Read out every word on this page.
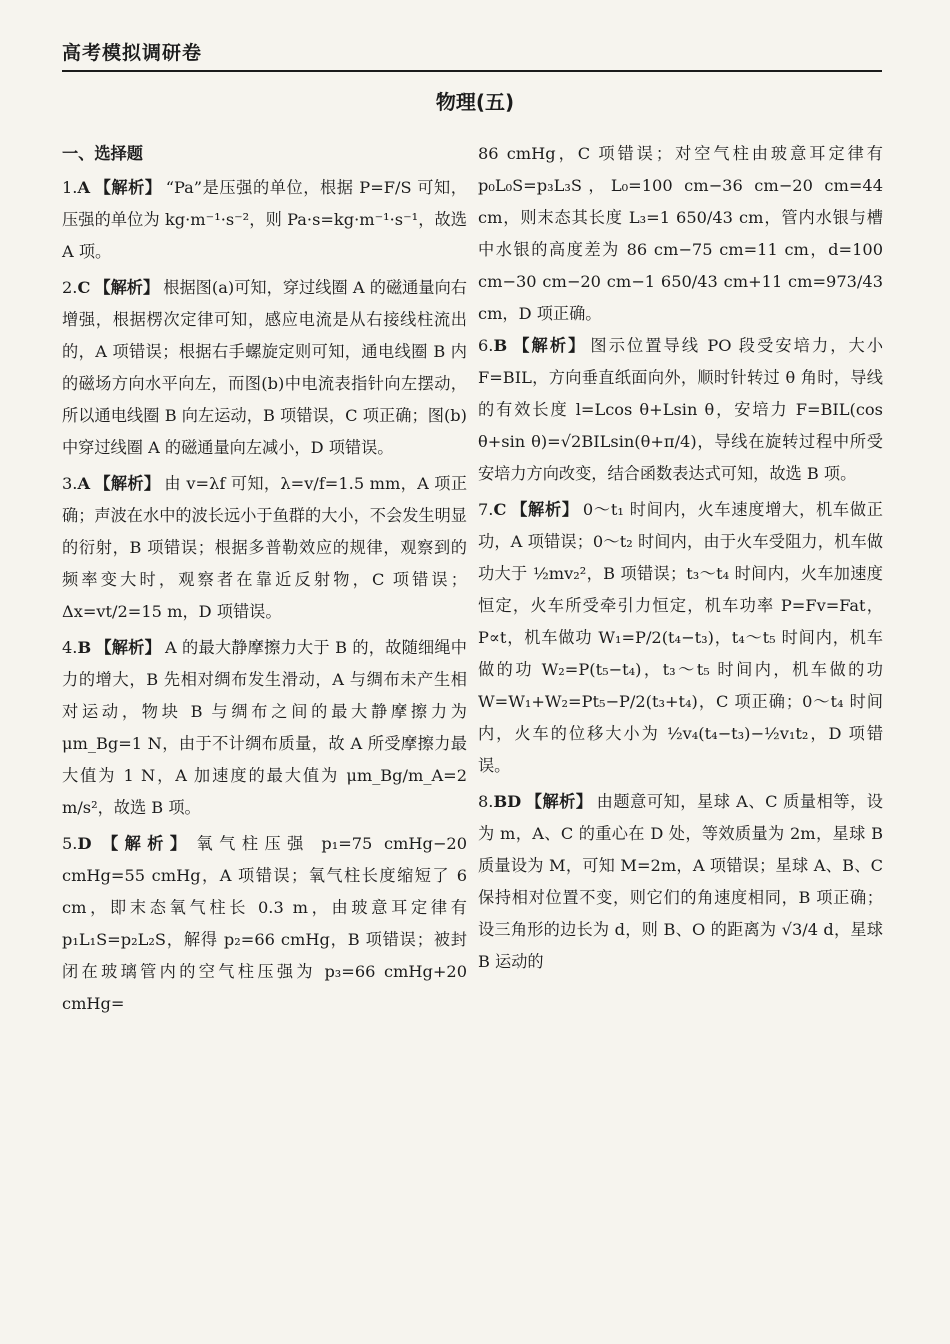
高考模拟调研卷
物理(五)
一、选择题

1.A 【解析】 “Pa”是压强的单位，根据 P=F/S 可知，压强的单位为 kg·m⁻¹·s⁻²，则 Pa·s=kg·m⁻¹·s⁻¹，故选 A 项。

2.C 【解析】 根据图(a)可知，穿过线圈 A 的磁通量向右增强，根据楞次定律可知，感应电流是从右接线柱流出的，A 项错误；根据右手螺旋定则可知，通电线圈 B 内的磁场方向水平向左，而图(b)中电流表指针向左摆动，所以通电线圈 B 向左运动，B 项错误，C 项正确；图(b)中穿过线圈 A 的磁通量向左减小，D 项错误。

3.A 【解析】 由 v=λf 可知，λ=v/f=1.5 mm，A 项正确；声波在水中的波长远小于鱼群的大小，不会发生明显的衍射，B 项错误；根据多普勒效应的规律，观察到的频率变大时，观察者在靠近反射物，C 项错误；Δx=vt/2=15 m，D 项错误。

4.B 【解析】 A 的最大静摩擦力大于 B 的，故随细绳中力的增大，B 先相对绸布发生滑动，A 与绸布未产生相对运动，物块 B 与绸布之间的最大静摩擦力为 μm_Bg=1 N，由于不计绸布质量，故 A 所受摩擦力最大值为 1 N，A 加速度的最大值为 μm_Bg/m_A=2 m/s²，故选 B 项。

5.D 【解析】 氧气柱压强 p₁=75 cmHg−20 cmHg=55 cmHg，A 项错误；氧气柱长度缩短了 6 cm，即末态氧气柱长 0.3 m，由玻意耳定律有 p₁L₁S=p₂L₂S，解得 p₂=66 cmHg，B 项错误；被封闭在玻璃管内的空气柱压强为 p₃=66 cmHg+20 cmHg=

86 cmHg，C 项错误；对空气柱由玻意耳定律有 p₀L₀S=p₃L₃S，L₀=100 cm−36 cm−20 cm=44 cm，则末态其长度 L₃=1 650/43 cm，管内水银与槽中水银的高度差为 86 cm−75 cm=11 cm，d=100 cm−30 cm−20 cm−1 650/43 cm+11 cm=973/43 cm，D 项正确。

6.B 【解析】 图示位置导线 PO 段受安培力，大小 F=BIL，方向垂直纸面向外，顺时针转过 θ 角时，导线的有效长度 l=Lcos θ+Lsin θ，安培力 F=BIL(cos θ+sin θ)=√2BILsin(θ+π/4)，导线在旋转过程中所受安培力方向改变，结合函数表达式可知，故选 B 项。

7.C 【解析】 0～t₁ 时间内，火车速度增大，机车做正功，A 项错误；0～t₂ 时间内，由于火车受阻力，机车做功大于 ½mv₂²，B 项错误；t₃～t₄ 时间内，火车加速度恒定，火车所受牵引力恒定，机车功率 P=Fv=Fat，P∝t，机车做功 W₁=P/2(t₄−t₃)，t₄～t₅ 时间内，机车做的功 W₂=P(t₅−t₄)，t₃～t₅ 时间内，机车做的功 W=W₁+W₂=Pt₅−P/2(t₃+t₄)，C 项正确；0～t₄ 时间内，火车的位移大小为 ½v₄(t₄−t₃)−½v₁t₂，D 项错误。

8.BD 【解析】 由题意可知，星球 A、C 质量相等，设为 m，A、C 的重心在 D 处，等效质量为 2m，星球 B 质量设为 M，可知 M=2m，A 项错误；星球 A、B、C 保持相对位置不变，则它们的角速度相同，B 项正确；设三角形的边长为 d，则 B、O 的距离为 √3/4 d，星球 B 运动的
